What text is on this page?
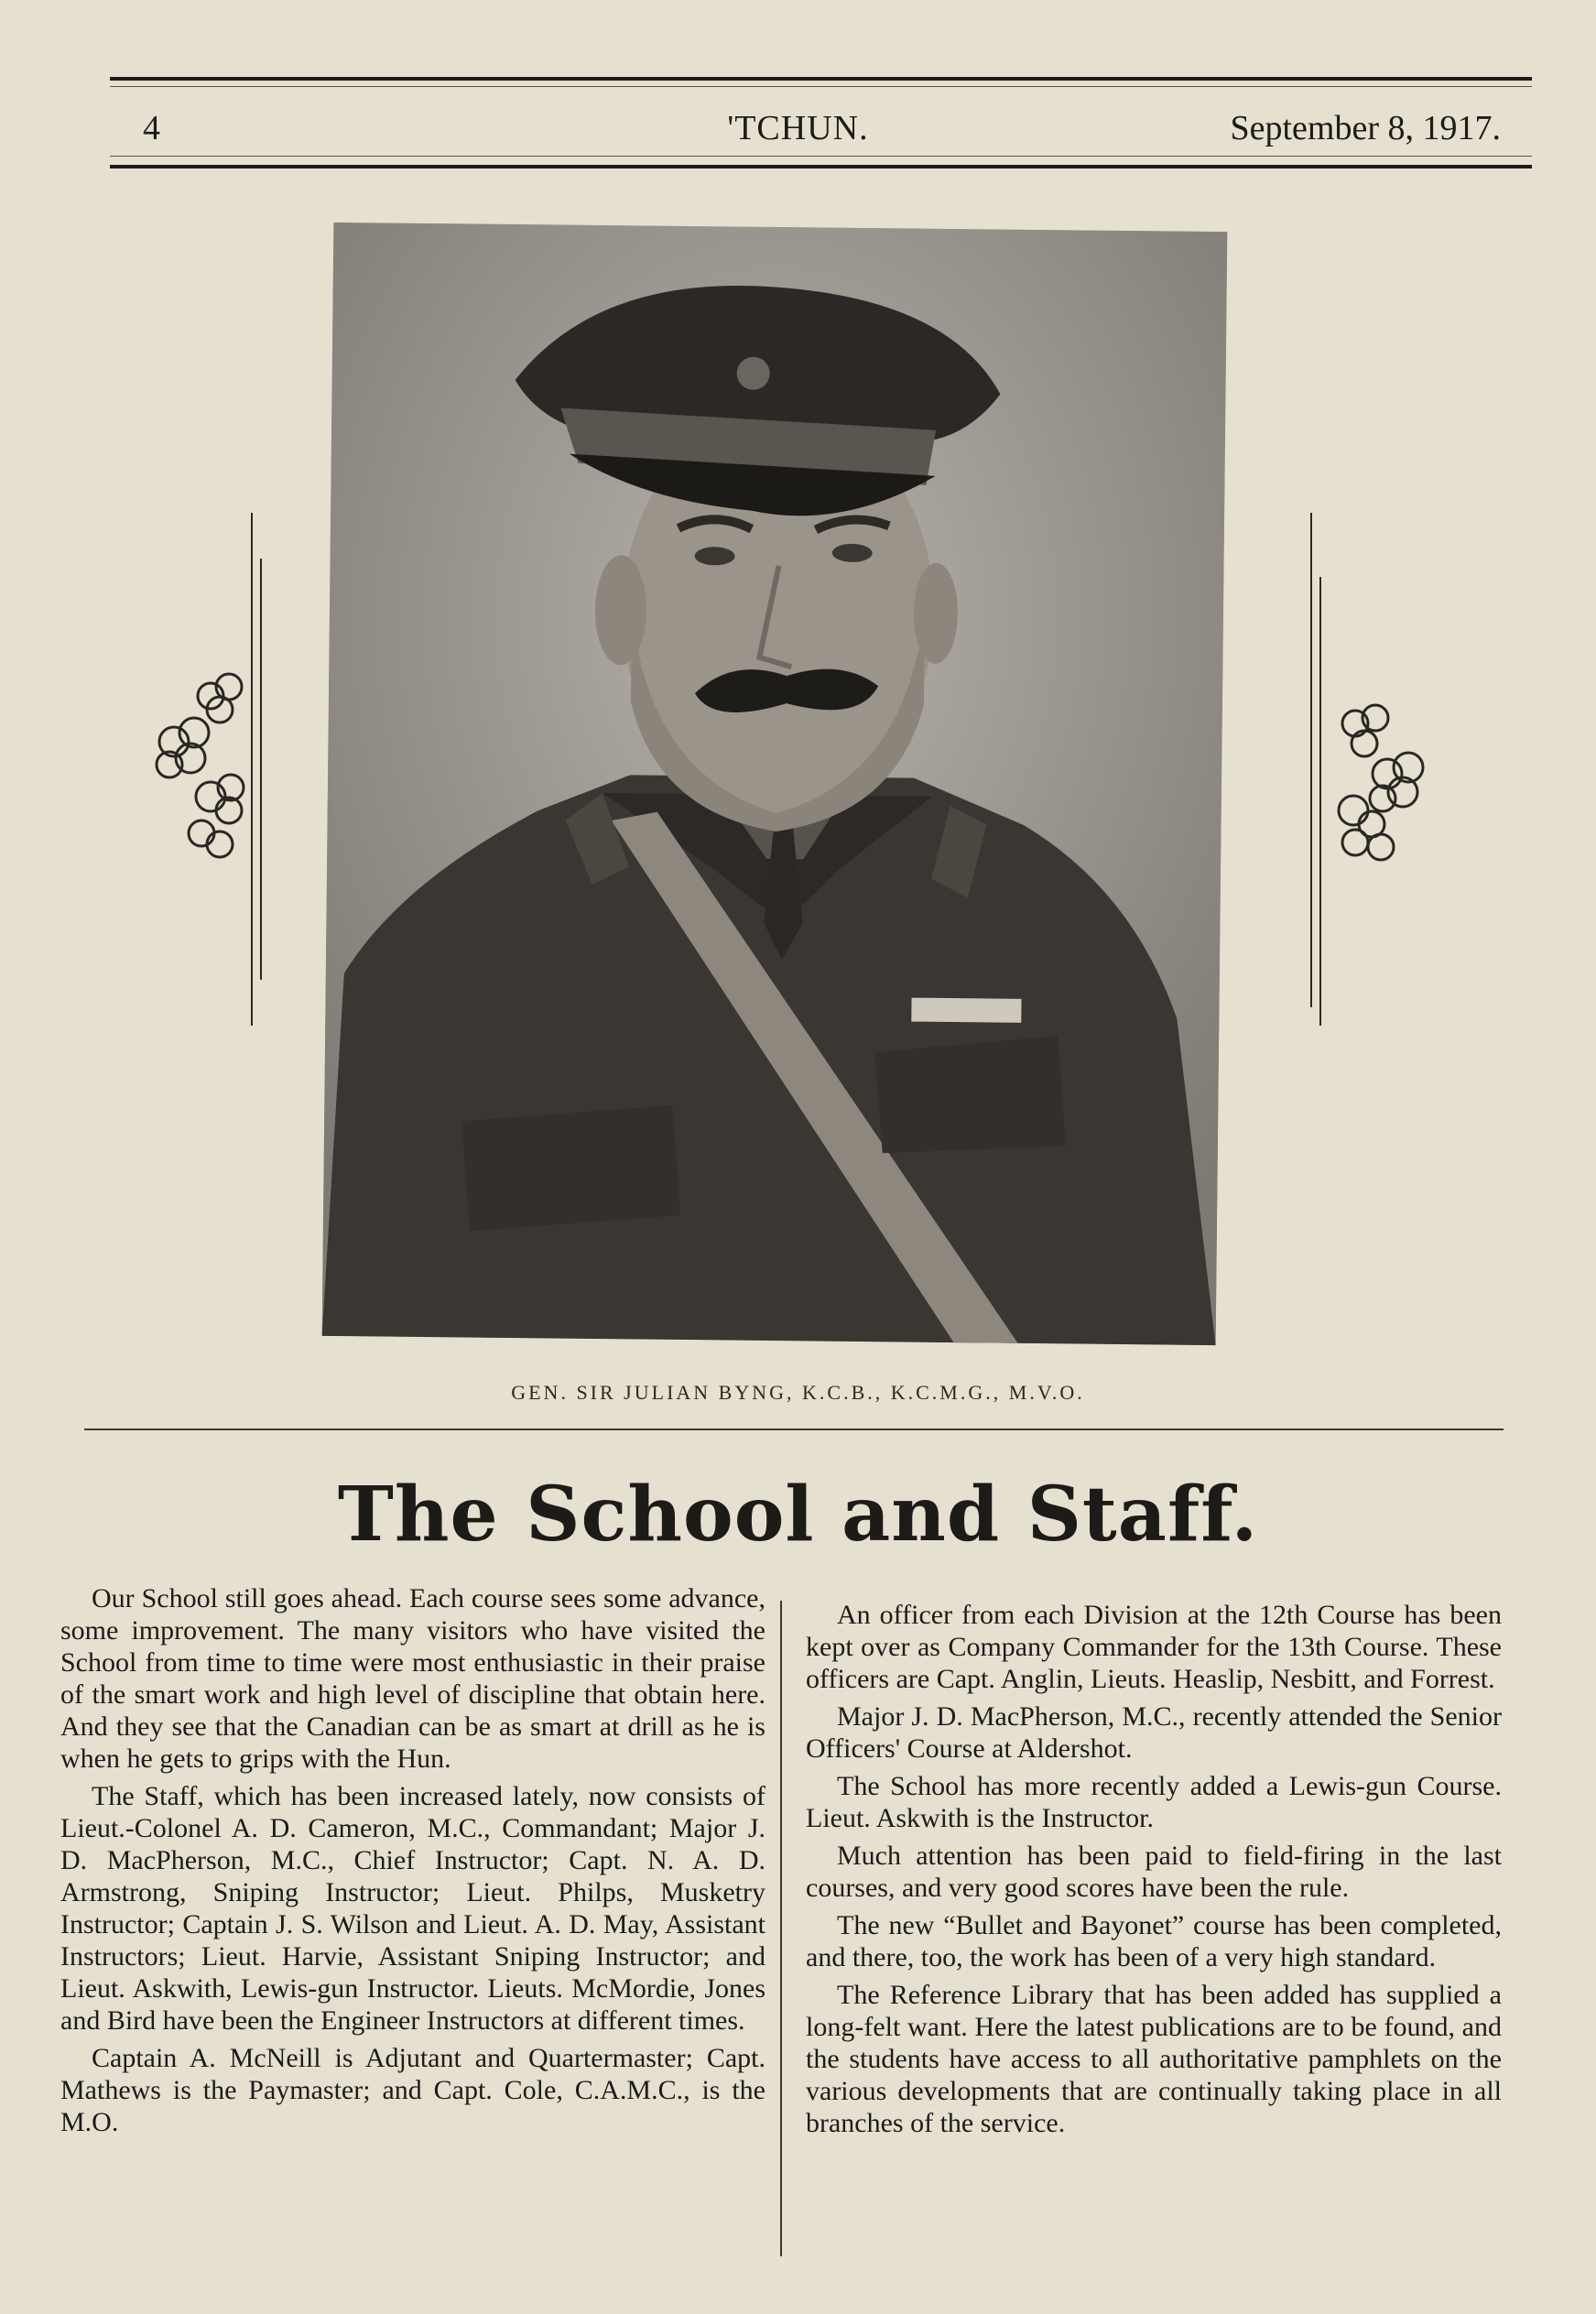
4	'TCHUN.	September 8, 1917.
GEN. SIR JULIAN BYNG, K.C.B., K.C.M.G., M.V.O.
The School and Staff.

Our School still goes ahead. Each course sees some advance, some improvement. The many visitors who have visited the School from time to time were most enthusiastic in their praise of the smart work and high level of discipline that obtain here. And they see that the Canadian can be as smart at drill as he is when he gets to grips with the Hun.

The Staff, which has been increased lately, now consists of Lieut.-Colonel A. D. Cameron, M.C., Commandant; Major J. D. MacPherson, M.C., Chief Instructor; Capt. N. A. D. Armstrong, Sniping Instructor; Lieut. Philps, Musketry Instructor; Captain J. S. Wilson and Lieut. A. D. May, Assistant Instructors; Lieut. Harvie, Assistant Sniping Instructor; and Lieut. Askwith, Lewis-gun Instructor. Lieuts. McMordie, Jones and Bird have been the Engineer Instructors at different times.

Captain A. McNeill is Adjutant and Quartermaster; Capt. Mathews is the Paymaster; and Capt. Cole, C.A.M.C., is the M.O.

An officer from each Division at the 12th Course has been kept over as Company Commander for the 13th Course. These officers are Capt. Anglin, Lieuts. Heaslip, Nesbitt, and Forrest.

Major J. D. MacPherson, M.C., recently attended the Senior Officers' Course at Aldershot.

The School has more recently added a Lewis-gun Course. Lieut. Askwith is the Instructor.

Much attention has been paid to field-firing in the last courses, and very good scores have been the rule.

The new “Bullet and Bayonet” course has been completed, and there, too, the work has been of a very high standard.

The Reference Library that has been added has supplied a long-felt want. Here the latest publications are to be found, and the students have access to all authoritative pamphlets on the various developments that are continually taking place in all branches of the service.
